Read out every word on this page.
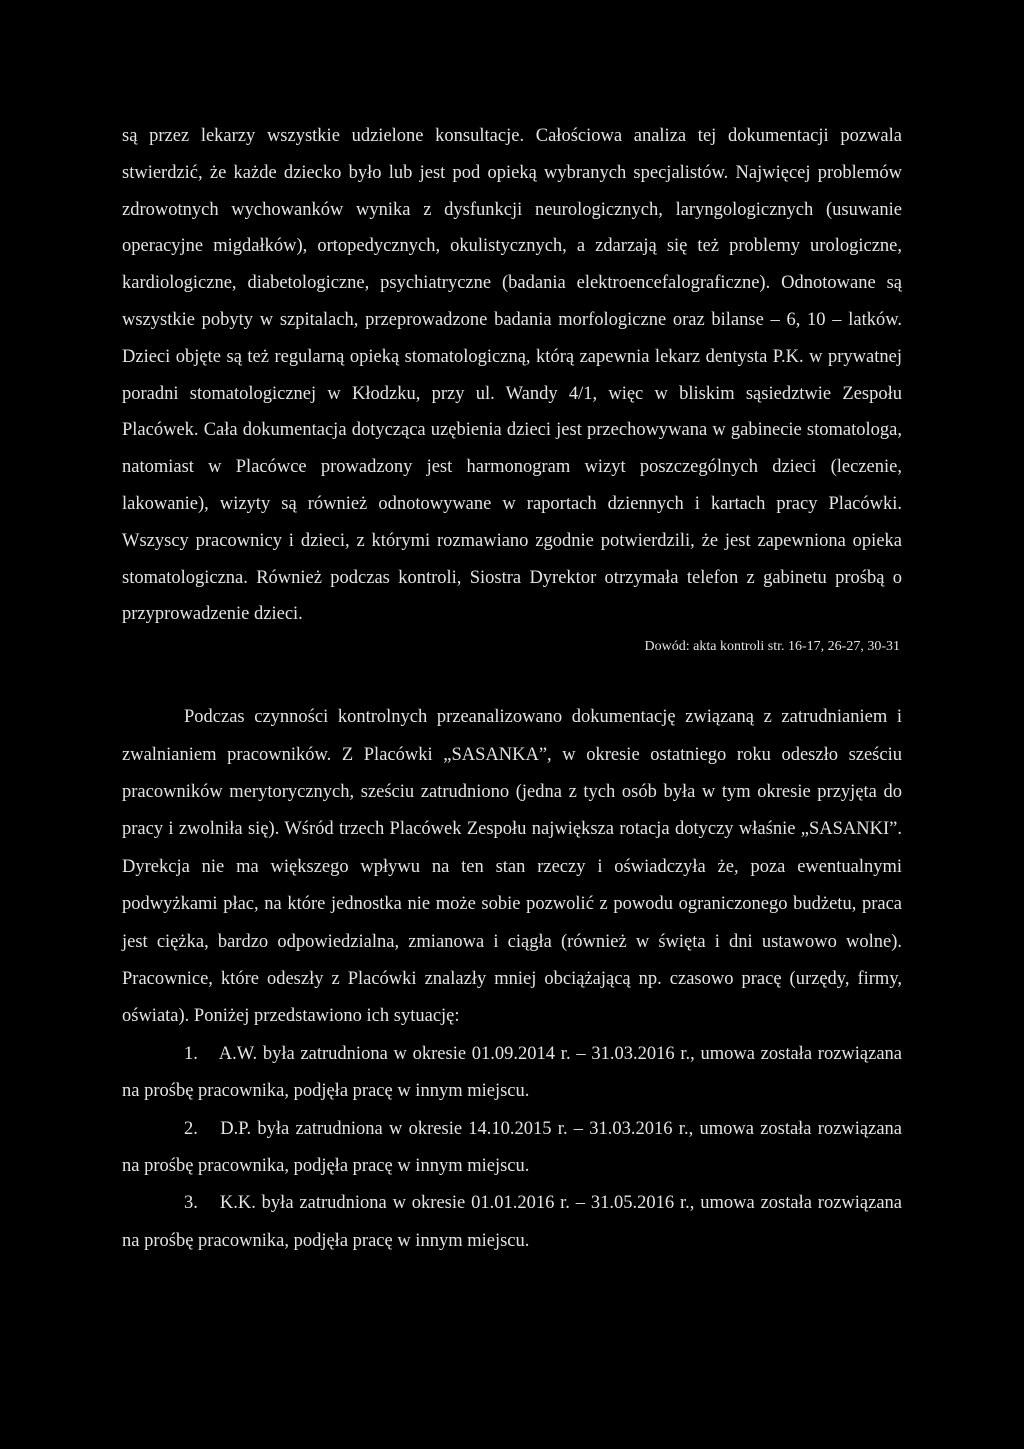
są przez lekarzy wszystkie udzielone konsultacje. Całościowa analiza tej dokumentacji pozwala stwierdzić, że każde dziecko było lub jest pod opieką wybranych specjalistów. Najwięcej problemów zdrowotnych wychowanków wynika z dysfunkcji neurologicznych, laryngologicznych (usuwanie operacyjne migdałków), ortopedycznych, okulistycznych, a zdarzają się też problemy urologiczne, kardiologiczne, diabetologiczne, psychiatryczne (badania elektroencefalograficzne). Odnotowane są wszystkie pobyty w szpitalach, przeprowadzone badania morfologiczne oraz bilanse – 6, 10 – latków. Dzieci objęte są też regularną opieką stomatologiczną, którą zapewnia lekarz dentysta P.K. w prywatnej poradni stomatologicznej w Kłodzku, przy ul. Wandy 4/1, więc w bliskim sąsiedztwie Zespołu Placówek. Cała dokumentacja dotycząca uzębienia dzieci jest przechowywana w gabinecie stomatologa, natomiast w Placówce prowadzony jest harmonogram wizyt poszczególnych dzieci (leczenie, lakowanie), wizyty są również odnotowywane w raportach dziennych i kartach pracy Placówki. Wszyscy pracownicy i dzieci, z którymi rozmawiano zgodnie potwierdzili, że jest zapewniona opieka stomatologiczna. Również podczas kontroli, Siostra Dyrektor otrzymała telefon z gabinetu prośbą o przyprowadzenie dzieci.

Dowód: akta kontroli str. 16-17, 26-27, 30-31

Podczas czynności kontrolnych przeanalizowano dokumentację związaną z zatrudnianiem i zwalnianiem pracowników. Z Placówki „SASANKA”, w okresie ostatniego roku odeszło sześciu pracowników merytorycznych, sześciu zatrudniono (jedna z tych osób była w tym okresie przyjęta do pracy i zwolniła się). Wśród trzech Placówek Zespołu największa rotacja dotyczy właśnie „SASANKI”. Dyrekcja nie ma większego wpływu na ten stan rzeczy i oświadczyła że, poza ewentualnymi podwyżkami płac, na które jednostka nie może sobie pozwolić z powodu ograniczonego budżetu, praca jest ciężka, bardzo odpowiedzialna, zmianowa i ciągła (również w święta i dni ustawowo wolne). Pracownice, które odeszły z Placówki znalazły mniej obciążającą np. czasowo pracę (urzędy, firmy, oświata). Poniżej przedstawiono ich sytuację:

1. A.W. była zatrudniona w okresie 01.09.2014 r. – 31.03.2016 r., umowa została rozwiązana na prośbę pracownika, podjęła pracę w innym miejscu.
2. D.P. była zatrudniona w okresie 14.10.2015 r. – 31.03.2016 r., umowa została rozwiązana na prośbę pracownika, podjęła pracę w innym miejscu.
3. K.K. była zatrudniona w okresie 01.01.2016 r. – 31.05.2016 r., umowa została rozwiązana na prośbę pracownika, podjęła pracę w innym miejscu.
